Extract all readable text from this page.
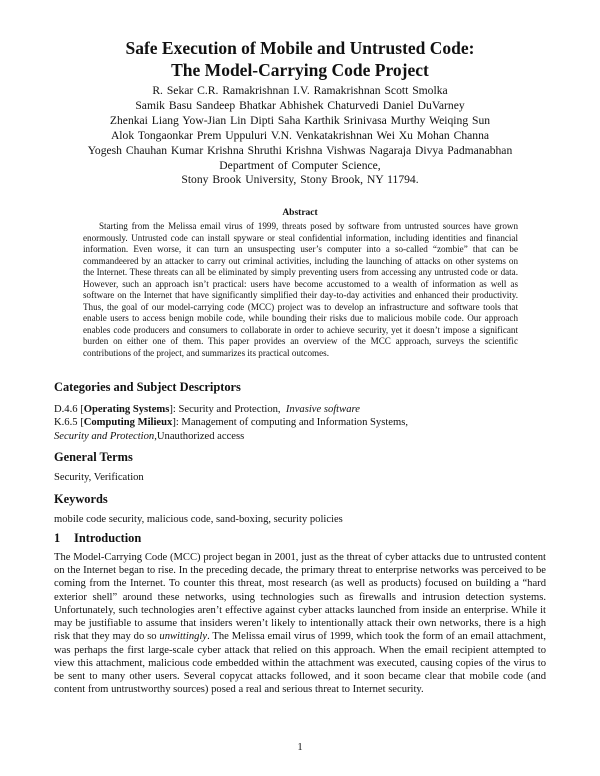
Safe Execution of Mobile and Untrusted Code:
The Model-Carrying Code Project
R. Sekar C.R. Ramakrishnan I.V. Ramakrishnan Scott Smolka
Samik Basu Sandeep Bhatkar Abhishek Chaturvedi Daniel DuVarney
Zhenkai Liang Yow-Jian Lin Dipti Saha Karthik Srinivasa Murthy Weiqing Sun
Alok Tongaonkar Prem Uppuluri V.N. Venkatakrishnan Wei Xu Mohan Channa
Yogesh Chauhan Kumar Krishna Shruthi Krishna Vishwas Nagaraja Divya Padmanabhan
Department of Computer Science,
Stony Brook University, Stony Brook, NY 11794.
Abstract

Starting from the Melissa email virus of 1999, threats posed by software from untrusted sources have grown enormously. Untrusted code can install spyware or steal confidential information, including identities and financial information. Even worse, it can turn an unsuspecting user’s computer into a so-called “zombie” that can be commandeered by an attacker to carry out criminal activities, including the launching of attacks on other systems on the Internet. These threats can all be eliminated by simply preventing users from accessing any untrusted code or data. However, such an approach isn’t practical: users have become accustomed to a wealth of information as well as software on the Internet that have significantly simplified their day-to-day activities and enhanced their productivity. Thus, the goal of our model-carrying code (MCC) project was to develop an infrastructure and software tools that enable users to access benign mobile code, while bounding their risks due to malicious mobile code. Our approach enables code producers and consumers to collaborate in order to achieve security, yet it doesn’t impose a significant burden on either one of them. This paper provides an overview of the MCC approach, surveys the scientific contributions of the project, and summarizes its practical outcomes.

Categories and Subject Descriptors
D.4.6 [Operating Systems]: Security and Protection,  Invasive software
K.6.5 [Computing Milieux]: Management of computing and Information Systems,
Security and Protection,Unauthorized access
General Terms
Security, Verification
Keywords
mobile code security, malicious code, sand-boxing, security policies
1 Introduction

The Model-Carrying Code (MCC) project began in 2001, just as the threat of cyber attacks due to untrusted content on the Internet began to rise. In the preceding decade, the primary threat to enterprise networks was perceived to be coming from the Internet. To counter this threat, most research (as well as products) focused on building a “hard exterior shell” around these networks, using technologies such as firewalls and intrusion detection systems. Unfortunately, such technologies aren’t effective against cyber attacks launched from inside an enterprise. While it may be justifiable to assume that insiders weren’t likely to intentionally attack their own networks, there is a high risk that they may do so unwittingly. The Melissa email virus of 1999, which took the form of an email attachment, was perhaps the first large-scale cyber attack that relied on this approach. When the email recipient attempted to view this attachment, malicious code embedded within the attachment was executed, causing copies of the virus to be sent to many other users. Several copycat attacks followed, and it soon became clear that mobile code (and content from untrustworthy sources) posed a real and serious threat to Internet security.

1
